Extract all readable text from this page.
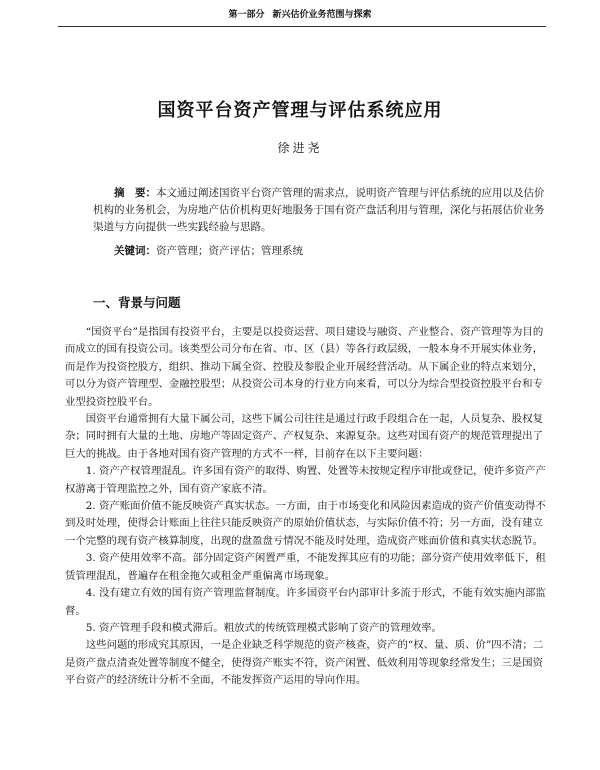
第一部分 新兴估价业务范围与探索
国资平台资产管理与评估系统应用
徐进尧
摘　要：本文通过阐述国资平台资产管理的需求点，说明资产管理与评估系统的应用以及估价机构的业务机会，为房地产估价机构更好地服务于国有资产盘活利用与管理，深化与拓展估价业务渠道与方向提供一些实践经验与思路。
关键词：资产管理；资产评估；管理系统
一、背景与问题

“国资平台”是指国有投资平台，主要是以投资运营、项目建设与融资、产业整合、资产管理等为目的而成立的国有投资公司。该类型公司分布在省、市、区（县）等各行政层级，一般本身不开展实体业务，而是作为投资控股方，组织、推动下属全资、控股及参股企业开展经营活动。从下属企业的特点来划分，可以分为资产管理型、金融控股型；从投资公司本身的行业方向来看，可以分为综合型投资控股平台和专业型投资控股平台。

国资平台通常拥有大量下属公司，这些下属公司往往是通过行政手段组合在一起，人员复杂、股权复杂；同时拥有大量的土地、房地产等固定资产、产权复杂、来源复杂。这些对国有资产的规范管理提出了巨大的挑战。由于各地对国有资产管理的方式不一样，目前存在以下主要问题：

1. 资产产权管理混乱。许多国有资产的取得、购置、处置等未按规定程序审批或登记，使许多资产产权游离于管理监控之外，国有资产家底不清。

2. 资产账面价值不能反映资产真实状态。一方面，由于市场变化和风险因素造成的资产价值变动得不到及时处理，使得会计账面上往往只能反映资产的原始价值状态，与实际价值不符；另一方面，没有建立一个完整的现有资产核算制度，出现的盘盈盘亏情况不能及时处理，造成资产账面价值和真实状态脱节。

3. 资产使用效率不高。部分固定资产闲置严重，不能发挥其应有的功能；部分资产使用效率低下，租赁管理混乱，普遍存在租金拖欠或租金严重偏离市场现象。

4. 没有建立有效的国有资产管理监督制度。许多国资平台内部审计多流于形式，不能有效实施内部监督。

5. 资产管理手段和模式滞后。粗放式的传统管理模式影响了资产的管理效率。

这些问题的形成究其原因，一是企业缺乏科学规范的资产核查，资产的“权、量、质、价”四不清；二是资产盘点清查处置等制度不健全，使得资产账实不符，资产闲置、低效利用等现象经常发生；三是国资平台资产的经济统计分析不全面，不能发挥资产运用的导向作用。
